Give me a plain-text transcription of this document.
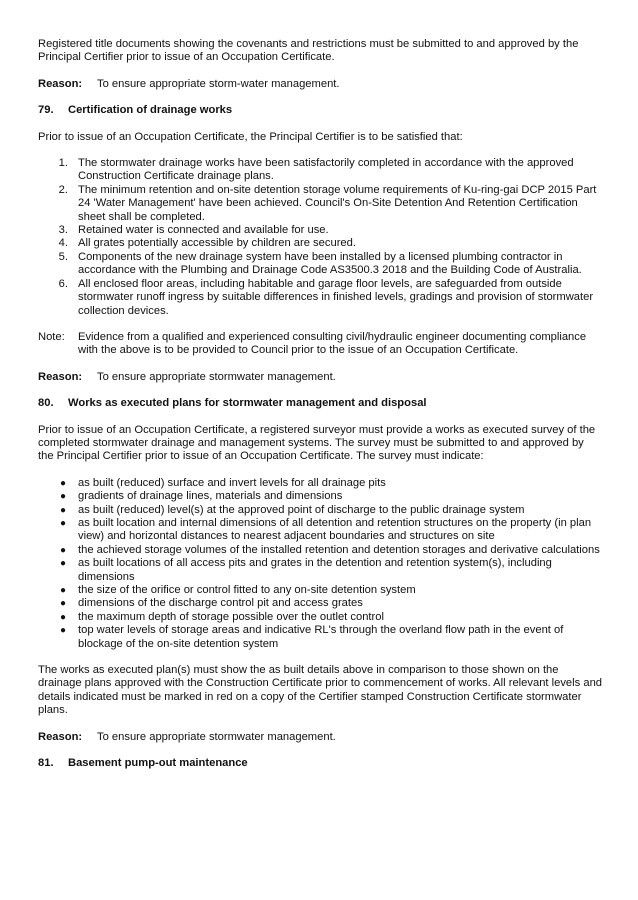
Registered title documents showing the covenants and restrictions must be submitted to and approved by the Principal Certifier prior to issue of an Occupation Certificate.

Reason: To ensure appropriate storm-water management.

79. Certification of drainage works

Prior to issue of an Occupation Certificate, the Principal Certifier is to be satisfied that:

1. The stormwater drainage works have been satisfactorily completed in accordance with the approved Construction Certificate drainage plans.
2. The minimum retention and on-site detention storage volume requirements of Ku-ring-gai DCP 2015 Part 24 'Water Management' have been achieved. Council's On-Site Detention And Retention Certification sheet shall be completed.
3. Retained water is connected and available for use.
4. All grates potentially accessible by children are secured.
5. Components of the new drainage system have been installed by a licensed plumbing contractor in accordance with the Plumbing and Drainage Code AS3500.3 2018 and the Building Code of Australia.
6. All enclosed floor areas, including habitable and garage floor levels, are safeguarded from outside stormwater runoff ingress by suitable differences in finished levels, gradings and provision of stormwater collection devices.

Note: Evidence from a qualified and experienced consulting civil/hydraulic engineer documenting compliance with the above is to be provided to Council prior to the issue of an Occupation Certificate.

Reason: To ensure appropriate stormwater management.

80. Works as executed plans for stormwater management and disposal

Prior to issue of an Occupation Certificate, a registered surveyor must provide a works as executed survey of the completed stormwater drainage and management systems. The survey must be submitted to and approved by the Principal Certifier prior to issue of an Occupation Certificate. The survey must indicate:

● as built (reduced) surface and invert levels for all drainage pits
● gradients of drainage lines, materials and dimensions
● as built (reduced) level(s) at the approved point of discharge to the public drainage system
● as built location and internal dimensions of all detention and retention structures on the property (in plan view) and horizontal distances to nearest adjacent boundaries and structures on site
● the achieved storage volumes of the installed retention and detention storages and derivative calculations
● as built locations of all access pits and grates in the detention and retention system(s), including dimensions
● the size of the orifice or control fitted to any on-site detention system
● dimensions of the discharge control pit and access grates
● the maximum depth of storage possible over the outlet control
● top water levels of storage areas and indicative RL's through the overland flow path in the event of blockage of the on-site detention system

The works as executed plan(s) must show the as built details above in comparison to those shown on the drainage plans approved with the Construction Certificate prior to commencement of works. All relevant levels and details indicated must be marked in red on a copy of the Certifier stamped Construction Certificate stormwater plans.

Reason: To ensure appropriate stormwater management.

81. Basement pump-out maintenance
